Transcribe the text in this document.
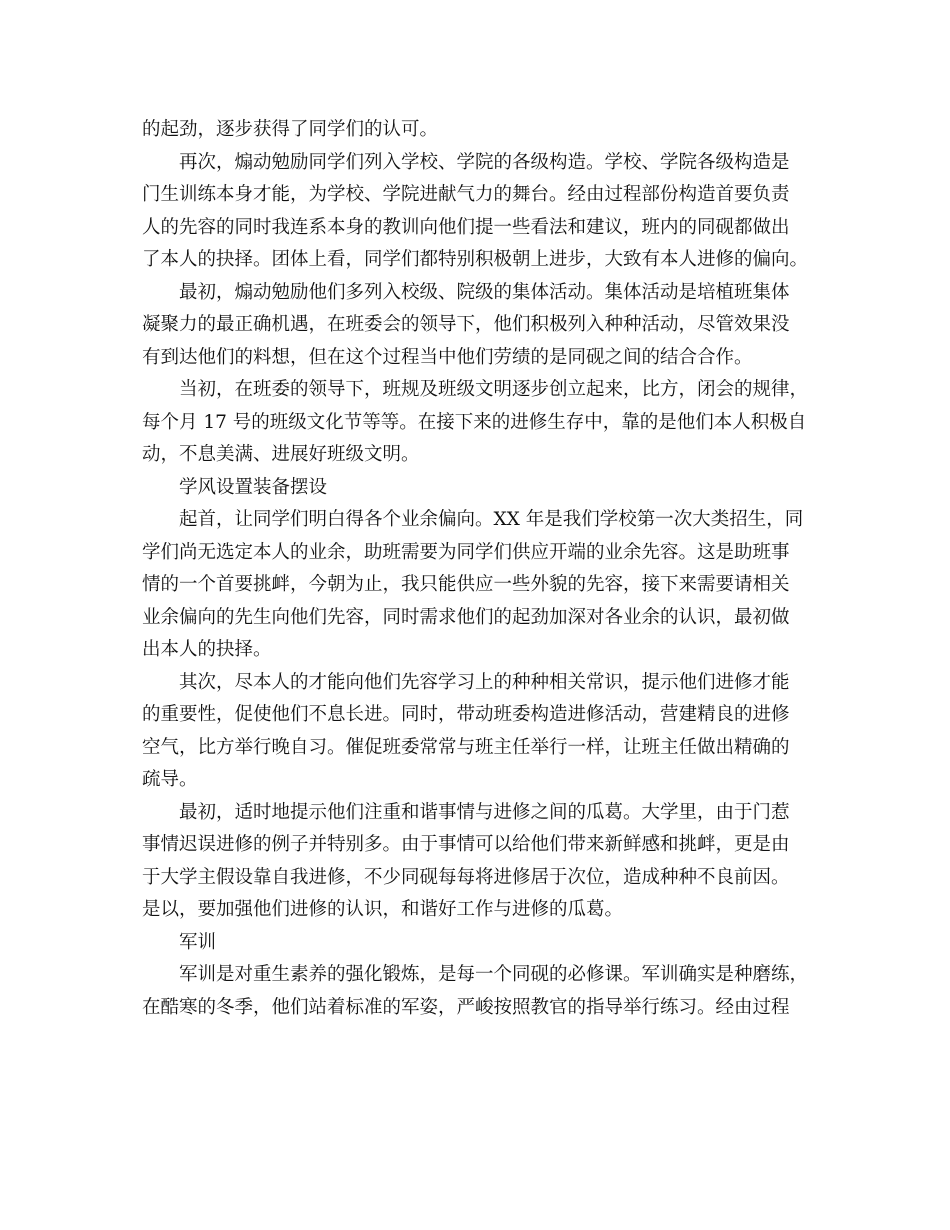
的起劲，逐步获得了同学们的认可。
再次，煽动勉励同学们列入学校、学院的各级构造。学校、学院各级构造是
门生训练本身才能，为学校、学院进献气力的舞台。经由过程部份构造首要负责
人的先容的同时我连系本身的教训向他们提一些看法和建议，班内的同砚都做出
了本人的抉择。团体上看，同学们都特别积极朝上进步，大致有本人进修的偏向。
最初，煽动勉励他们多列入校级、院级的集体活动。集体活动是培植班集体
凝聚力的最正确机遇，在班委会的领导下，他们积极列入种种活动，尽管效果没
有到达他们的料想，但在这个过程当中他们劳绩的是同砚之间的结合合作。
当初，在班委的领导下，班规及班级文明逐步创立起来，比方，闭会的规律，
每个月 17 号的班级文化节等等。在接下来的进修生存中，靠的是他们本人积极自
动，不息美满、进展好班级文明。
学风设置装备摆设
起首，让同学们明白得各个业余偏向。XX 年是我们学校第一次大类招生，同
学们尚无选定本人的业余，助班需要为同学们供应开端的业余先容。这是助班事
情的一个首要挑衅，今朝为止，我只能供应一些外貌的先容，接下来需要请相关
业余偏向的先生向他们先容，同时需求他们的起劲加深对各业余的认识，最初做
出本人的抉择。
其次，尽本人的才能向他们先容学习上的种种相关常识，提示他们进修才能
的重要性，促使他们不息长进。同时，带动班委构造进修活动，营建精良的进修
空气，比方举行晚自习。催促班委常常与班主任举行一样，让班主任做出精确的
疏导。
最初，适时地提示他们注重和谐事情与进修之间的瓜葛。大学里，由于门惹
事情迟误进修的例子并特别多。由于事情可以给他们带来新鲜感和挑衅，更是由
于大学主假设靠自我进修，不少同砚每每将进修居于次位，造成种种不良前因。
是以，要加强他们进修的认识，和谐好工作与进修的瓜葛。
军训
军训是对重生素养的强化锻炼，是每一个同砚的必修课。军训确实是种磨练，
在酷寒的冬季，他们站着标准的军姿，严峻按照教官的指导举行练习。经由过程
